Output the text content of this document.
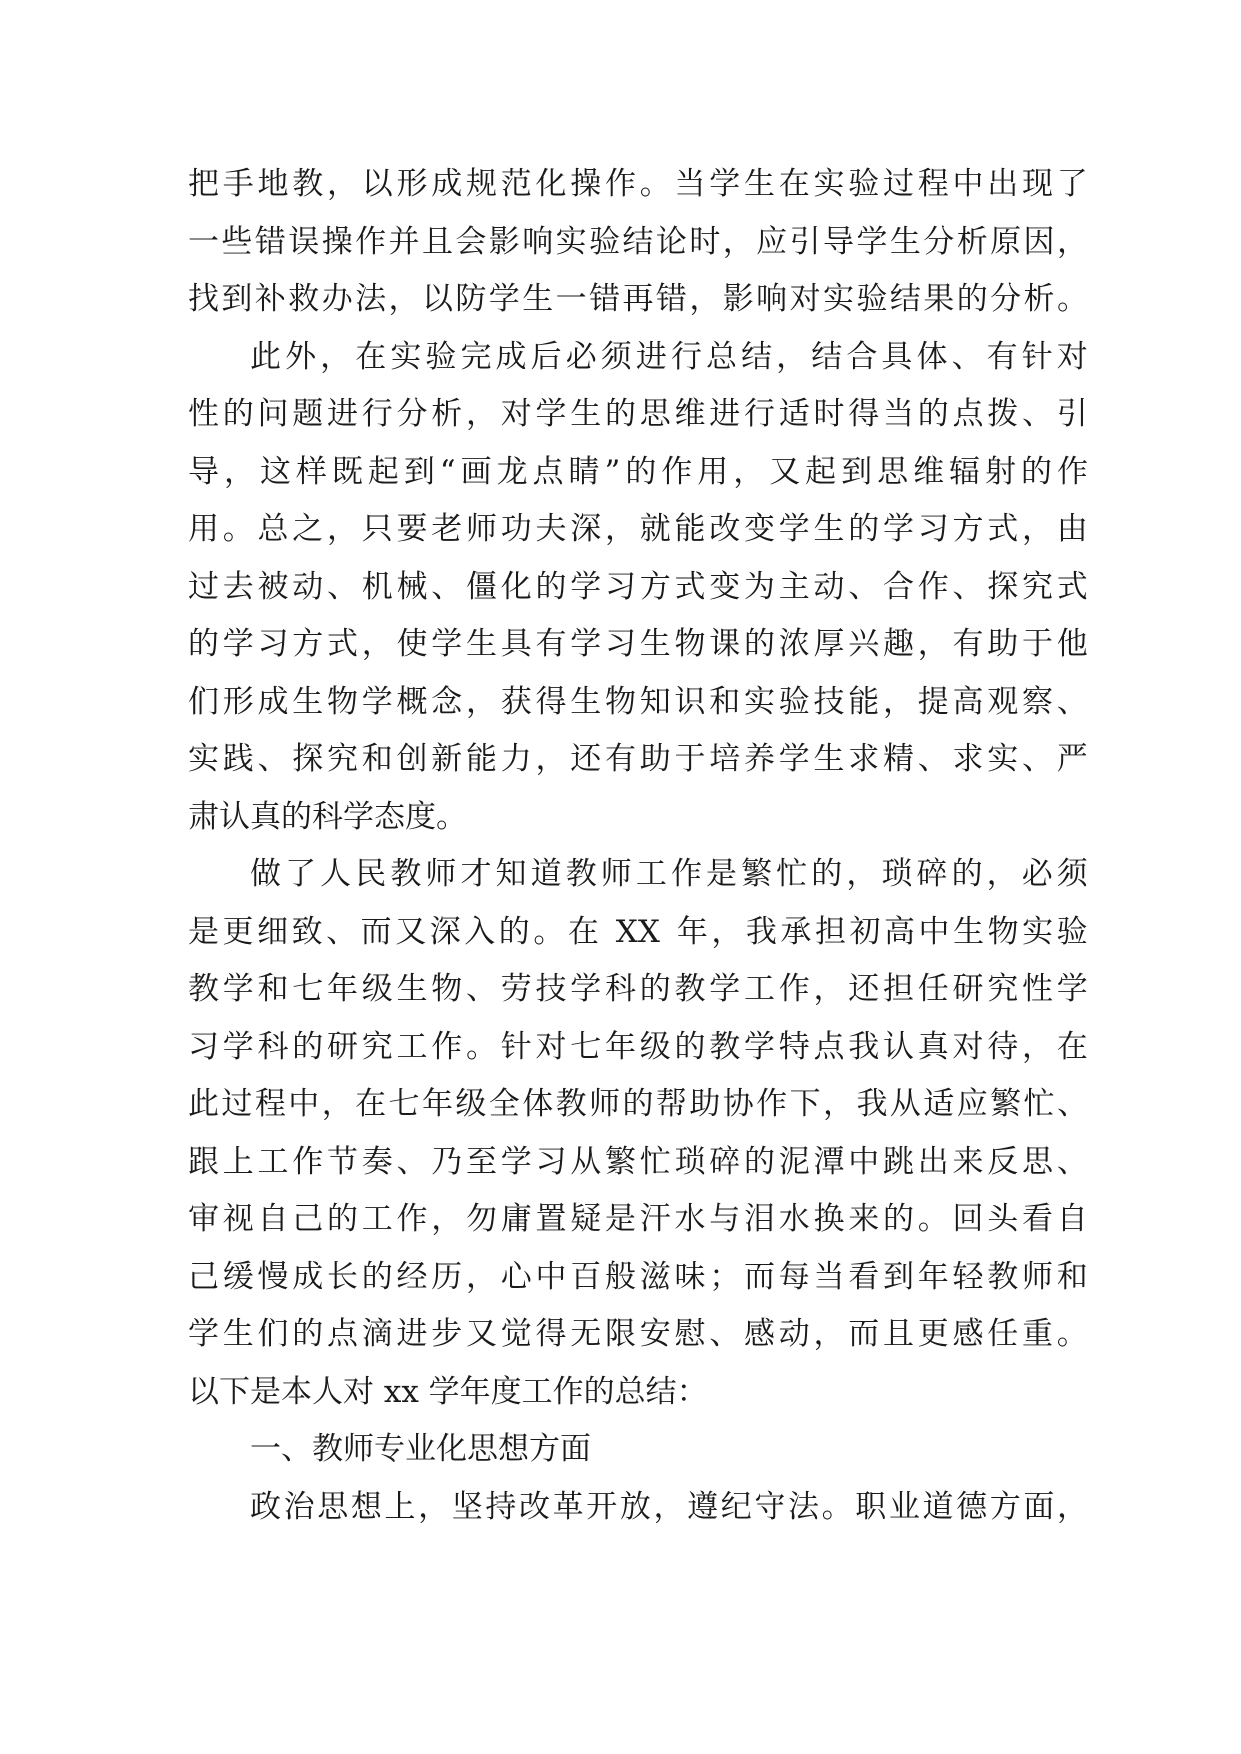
把 手 地 教 ， 以 形 成 规 范 化 操 作 。 当 学 生 在 实 验 过 程 中 出 现 了
一 些 错 误 操 作 并 且 会 影 响 实 验 结 论 时 ， 应 引 导 学 生 分 析 原 因 ，
找 到 补 救 办 法 ， 以 防 学 生 一 错 再 错 ， 影 响 对 实 验 结 果 的 分 析 。
此 外 ， 在 实 验 完 成 后 必 须 进 行 总 结 ， 结 合 具 体 、 有 针 对
性 的 问 题 进 行 分 析 ， 对 学 生 的 思 维 进 行 适 时 得 当 的 点 拨 、 引
导 ， 这 样 既 起 到 “ 画 龙 点 睛 ” 的 作 用 ， 又 起 到 思 维 辐 射 的 作
用 。 总 之 ， 只 要 老 师 功 夫 深 ， 就 能 改 变 学 生 的 学 习 方 式 ， 由
过 去 被 动 、 机 械 、 僵 化 的 学 习 方 式 变 为 主 动 、 合 作 、 探 究 式
的 学 习 方 式 ， 使 学 生 具 有 学 习 生 物 课 的 浓 厚 兴 趣 ， 有 助 于 他
们 形 成 生 物 学 概 念 ， 获 得 生 物 知 识 和 实 验 技 能 ， 提 高 观 察 、
实 践 、 探 究 和 创 新 能 力 ， 还 有 助 于 培 养 学 生 求 精 、 求 实 、 严
肃认真的科学态度。
做 了 人 民 教 师 才 知 道 教 师 工 作 是 繁 忙 的 ， 琐 碎 的 ， 必 须
是 更 细 致 、 而 又 深 入 的 。 在
XX
年 ， 我 承 担 初 高 中 生 物 实 验
教 学 和 七 年 级 生 物 、 劳 技 学 科 的 教 学 工 作 ， 还 担 任 研 究 性 学
习 学 科 的 研 究 工 作 。 针 对 七 年 级 的 教 学 特 点 我 认 真 对 待 ， 在
此 过 程 中 ， 在 七 年 级 全 体 教 师 的 帮 助 协 作 下 ， 我 从 适 应 繁 忙 、
跟 上 工 作 节 奏 、 乃 至 学 习 从 繁 忙 琐 碎 的 泥 潭 中 跳 出 来 反 思 、
审 视 自 己 的 工 作 ， 勿 庸 置 疑 是 汗 水 与 泪 水 换 来 的 。 回 头 看 自
己 缓 慢 成 长 的 经 历 ， 心 中 百 般 滋 味 ； 而 每 当 看 到 年 轻 教 师 和
学 生 们 的 点 滴 进 步 又 觉 得 无 限 安 慰 、 感 动 ， 而 且 更 感 任 重 。
以下是本人对 xx 学年度工作的总结：
一、教师专业化思想方面
政 治 思 想 上 ， 坚 持 改 革 开 放 ， 遵 纪 守 法 。 职 业 道 德 方 面 ，
